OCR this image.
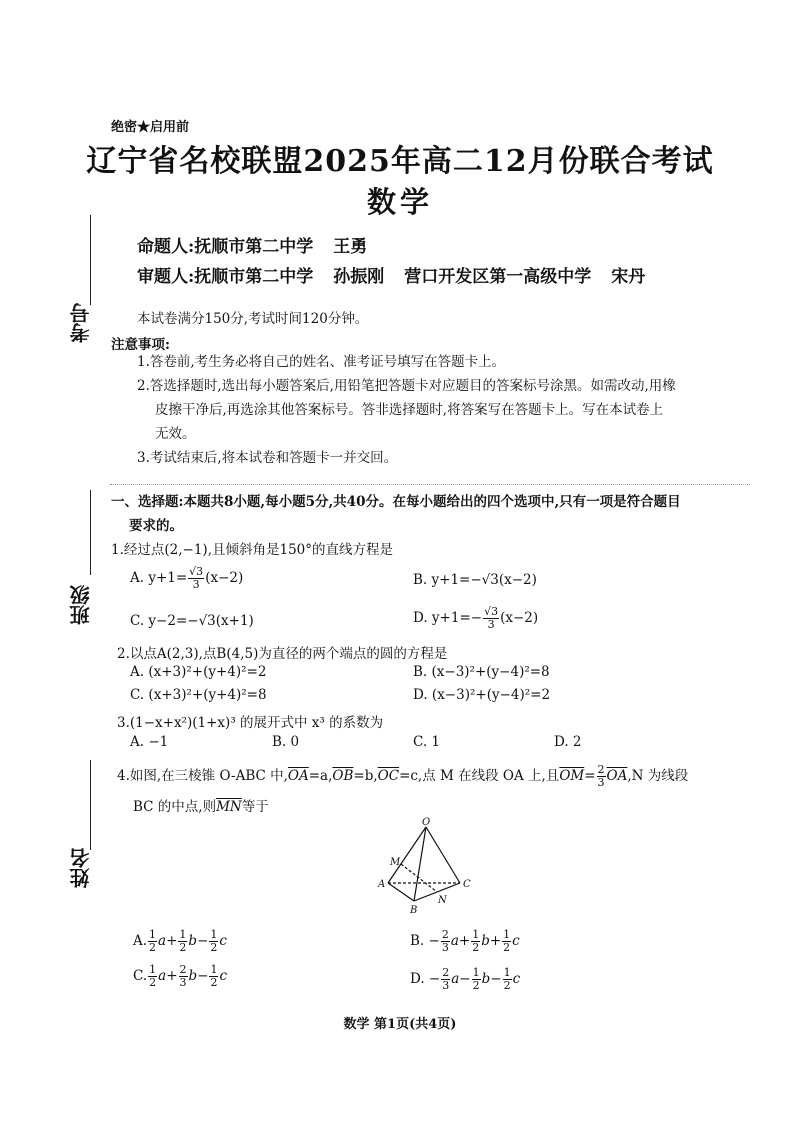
绝密★启用前
辽宁省名校联盟2025年高二12月份联合考试
数学
命题人:抚顺市第二中学 王勇
审题人:抚顺市第二中学 孙振刚 营口开发区第一高级中学 宋丹
考号
班级
姓名
本试卷满分150分,考试时间120分钟。
注意事项:
1.答卷前,考生务必将自己的姓名、准考证号填写在答题卡上。
2.答选择题时,选出每小题答案后,用铅笔把答题卡对应题目的答案标号涂黑。如需改动,用橡
皮擦干净后,再选涂其他答案标号。答非选择题时,将答案写在答题卡上。写在本试卷上
无效。
3.考试结束后,将本试卷和答题卡一并交回。
一、选择题:本题共8小题,每小题5分,共40分。在每小题给出的四个选项中,只有一项是符合题目
要求的。
1.经过点(2,−1),且倾斜角是150°的直线方程是
A. $y+1= \frac{√3}{3} (x-2)$	B. y+1=−√3(x−2)
C. y−2=−√3(x+1)	D. $y+1=- \frac{√3}{3} (x-2)$
2.以点A(2,3),点B(4,5)为直径的两个端点的圆的方程是
A. (x+3)²+(y+4)²=2	B. (x−3)²+(y−4)²=8
C. (x+3)²+(y+4)²=8	D. (x−3)²+(y−4)²=2
3.(1−x+x²)(1+x)³ 的展开式中 x³ 的系数为
A. −1	B. 0	C. 1	D. 2
4.如图,在三棱锥 O-ABC 中$,\overline{OA}=a,\overline{OB}=b,\overline{OC}=c$,点 M 在线段 OA 上,且$\overline{OM}= \frac{2}{3} \overline{OA},N$ 为线段
BC 的中点,则$\overline{MN}$等于
O
M
A
B
C
N
A. $\frac{1}{2} a+ \frac{1}{2} b- \frac{1}{2}$ c	B. − $\frac{2}{3} a+ \frac{1}{2} b+ \frac{1}{2}$ c
C. $\frac{1}{2} a+ \frac{2}{3} b- \frac{1}{2}$ c	D. − $\frac{2}{3} a- \frac{1}{2} b- \frac{1}{2}$ c
数学 第1页(共4页)
